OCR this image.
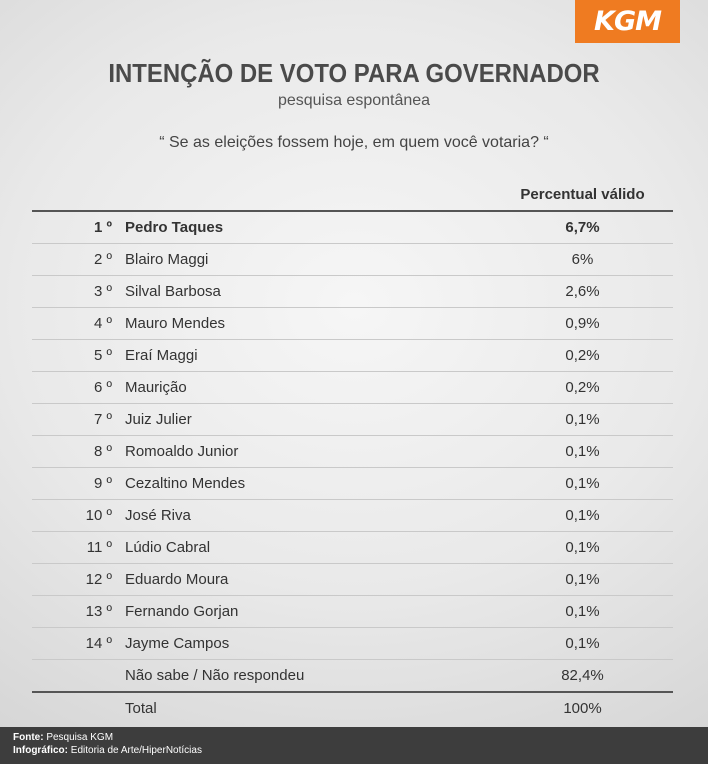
KGM
INTENÇÃO DE VOTO PARA GOVERNADOR
pesquisa espontânea
“ Se as eleições fossem hoje, em quem você votaria? “
Percentual válido
1 º Pedro Taques	6,7%
2 º Blairo Maggi	6%
3 º Silval Barbosa	2,6%
4 º Mauro Mendes	0,9%
5 º Eraí Maggi	0,2%
6 º Maurição	0,2%
7 º Juiz Julier	0,1%
8 º Romoaldo Junior	0,1%
9 º Cezaltino Mendes	0,1%
10 º José Riva	0,1%
11 º Lúdio Cabral	0,1%
12 º Eduardo Moura	0,1%
13 º Fernando Gorjan	0,1%
14 º Jayme Campos	0,1%
Não sabe / Não respondeu	82,4%
Total	100%
Fonte: Pesquisa KGM
Infográfico: Editoria de Arte/HiperNotícias
